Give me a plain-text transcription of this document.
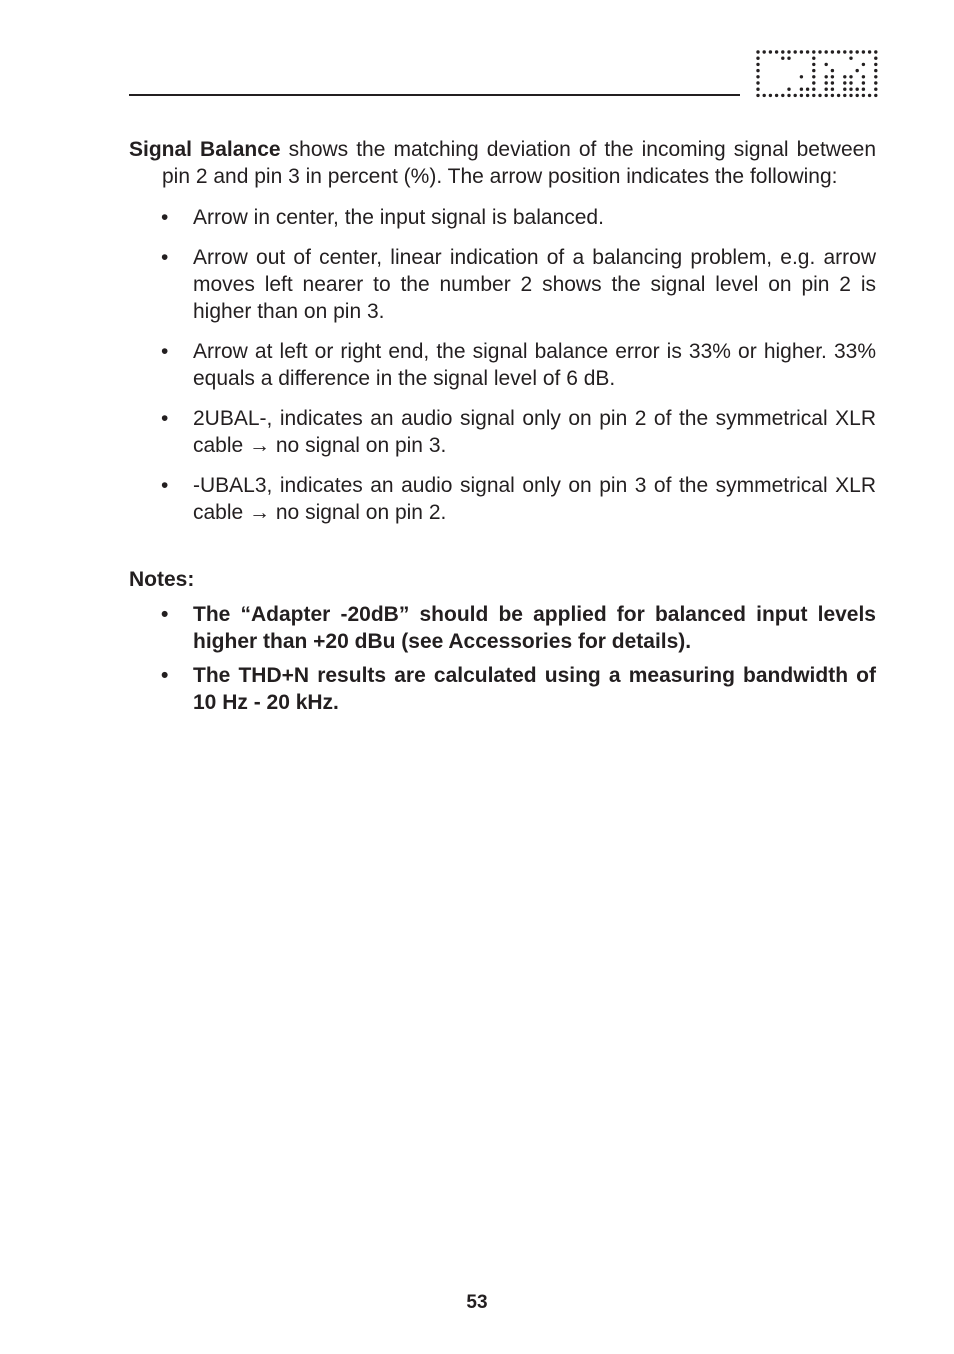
Signal Balance shows the matching deviation of the incoming signal between pin 2 and pin 3 in percent (%). The arrow position indicates the following:

• Arrow in center, the input signal is balanced.
• Arrow out of center, linear indication of a balancing problem, e.g. arrow moves left nearer to the number 2 shows the signal level on pin 2 is higher than on pin 3.
• Arrow at left or right end, the signal balance error is 33% or higher. 33% equals a difference in the signal level of 6 dB.
• 2UBAL-, indicates an audio signal only on pin 2 of the symmetrical XLR cable → no signal on pin 3.
• -UBAL3, indicates an audio signal only on pin 3 of the symmetrical XLR cable → no signal on pin 2.

Notes:

• The “Adapter -20dB” should be applied for balanced input levels higher than +20 dBu (see Accessories for details).
• The THD+N results are calculated using a measuring bandwidth of 10 Hz - 20 kHz.
53
